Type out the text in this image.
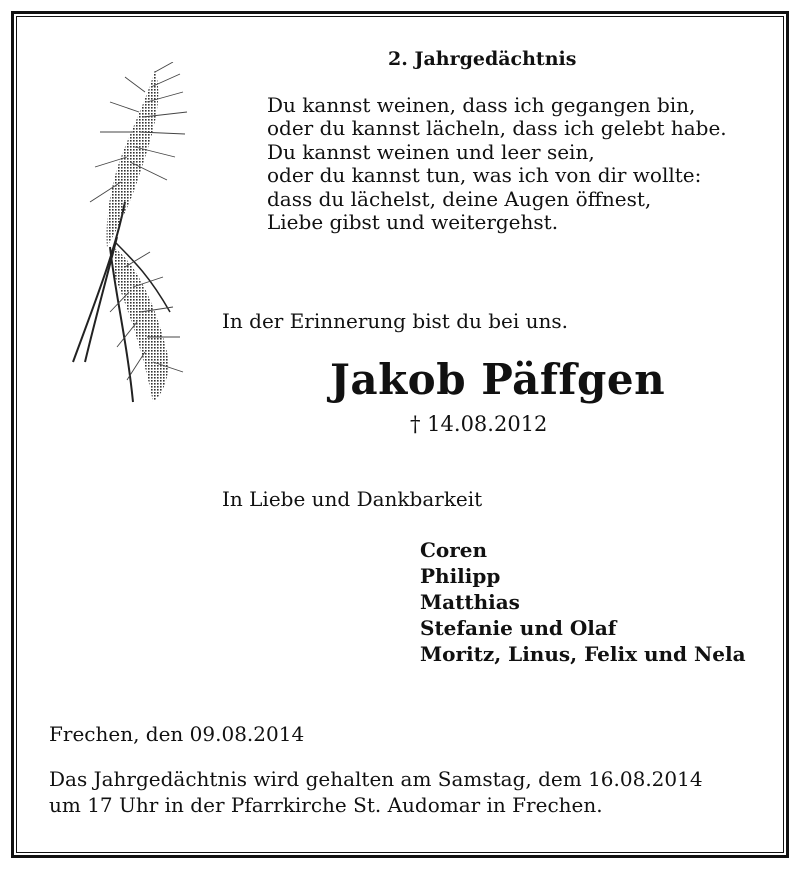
2. Jahrgedächtnis
Du kannst weinen, dass ich gegangen bin,
oder du kannst lächeln, dass ich gelebt habe.
Du kannst weinen und leer sein,
oder du kannst tun, was ich von dir wollte:
dass du lächelst, deine Augen öffnest,
Liebe gibst und weitergehst.
In der Erinnerung bist du bei uns.
Jakob Päffgen
† 14.08.2012
In Liebe und Dankbarkeit
Coren
Philipp
Matthias
Stefanie und Olaf
Moritz, Linus, Felix und Nela
Frechen, den 09.08.2014
Das Jahrgedächtnis wird gehalten am Samstag, dem 16.08.2014
um 17 Uhr in der Pfarrkirche St. Audomar in Frechen.
